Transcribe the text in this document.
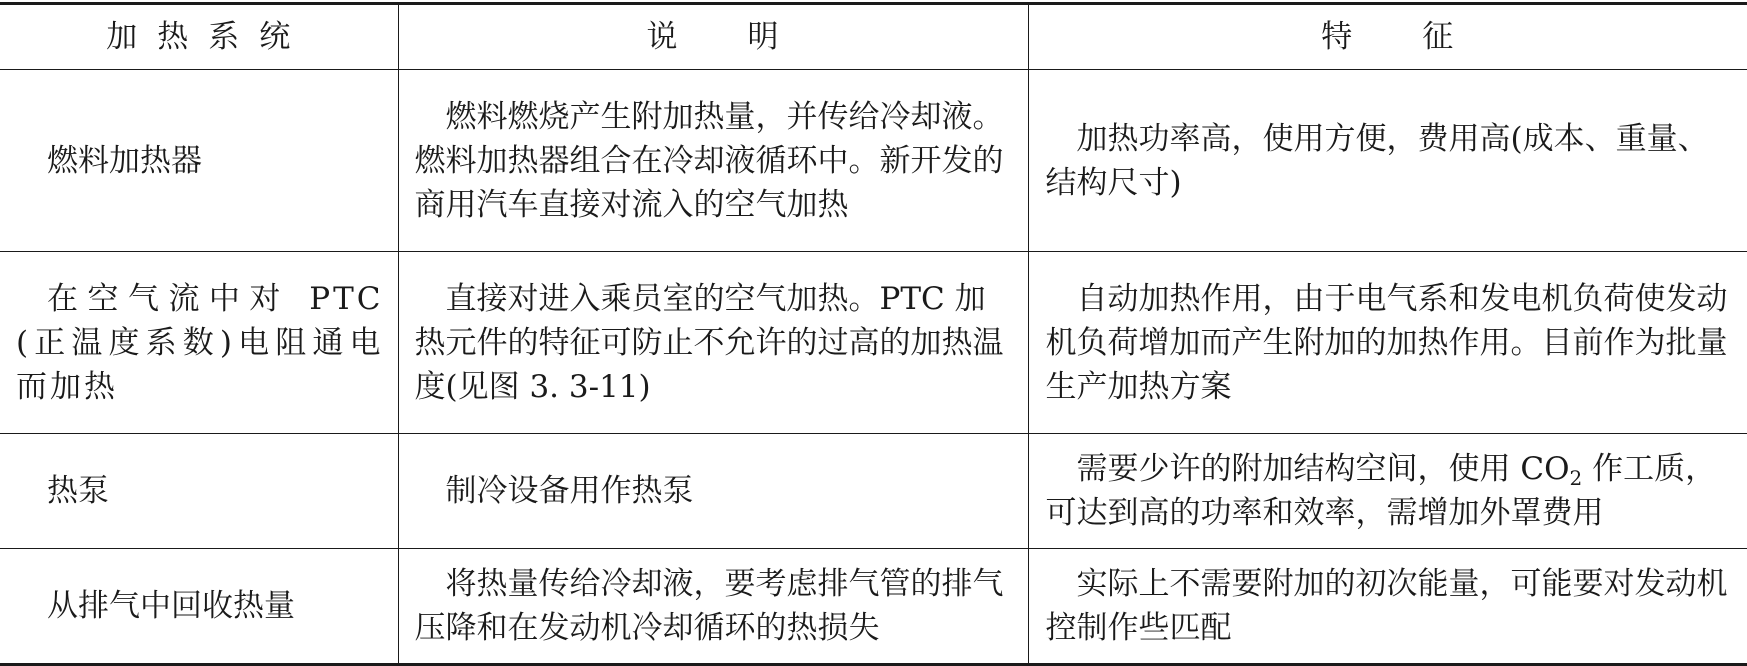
加热系统	说明	特征
燃料加热器	燃料燃烧产生附加热量，并传给冷却液。燃料加热器组合在冷却液循环中。新开发的商用汽车直接对流入的空气加热	加热功率高，使用方便，费用高(成本、重量、结构尺寸)
在空气流中对 PTC(正温度系数)电阻通电而加热	直接对进入乘员室的空气加热。PTC 加热元件的特征可防止不允许的过高的加热温度(见图 3. 3-11)	自动加热作用，由于电气系和发电机负荷使发动机负荷增加而产生附加的加热作用。目前作为批量生产加热方案
热泵	制冷设备用作热泵	需要少许的附加结构空间，使用 $CO_2$ 作工质，可达到高的功率和效率，需增加外罩费用
从排气中回收热量	将热量传给冷却液，要考虑排气管的排气压降和在发动机冷却循环的热损失	实际上不需要附加的初次能量，可能要对发动机控制作些匹配
